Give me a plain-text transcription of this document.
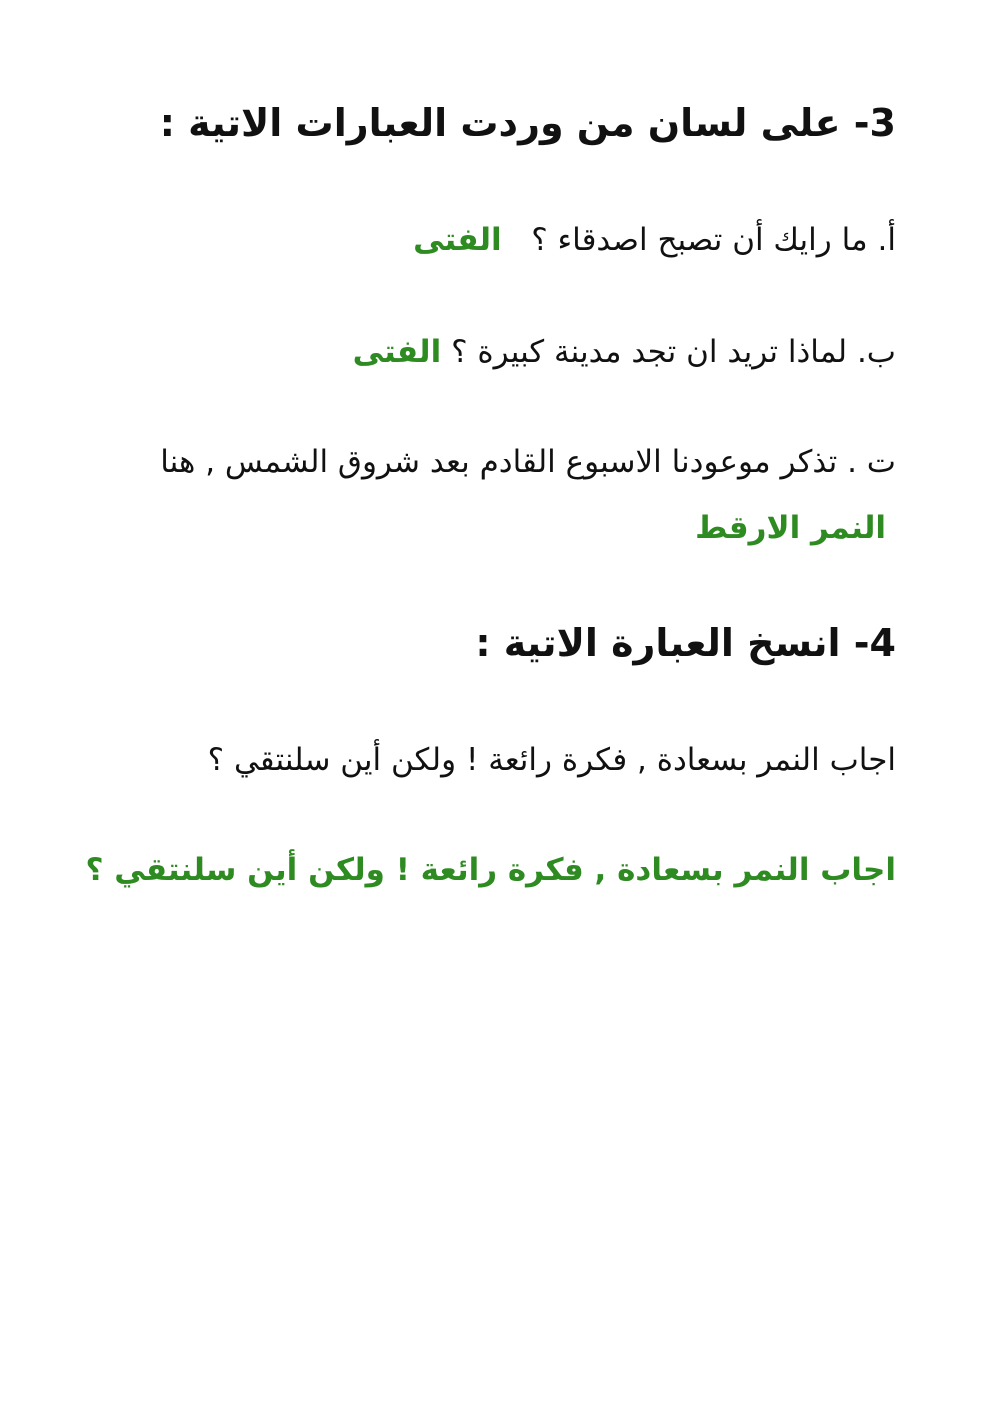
3- على لسان من وردت العبارات الاتية :
أ. ما رايك أن تصبح اصدقاء ؟   الفتى
ب. لماذا تريد ان تجد مدينة كبيرة ؟ الفتى
ت . تذكر موعودنا الاسبوع القادم بعد شروق الشمس , هنا
النمر الارقط
4- انسخ العبارة الاتية :
اجاب النمر بسعادة , فكرة رائعة ! ولكن أين سلنتقي ؟
اجاب النمر بسعادة , فكرة رائعة ! ولكن أين سلنتقي ؟
